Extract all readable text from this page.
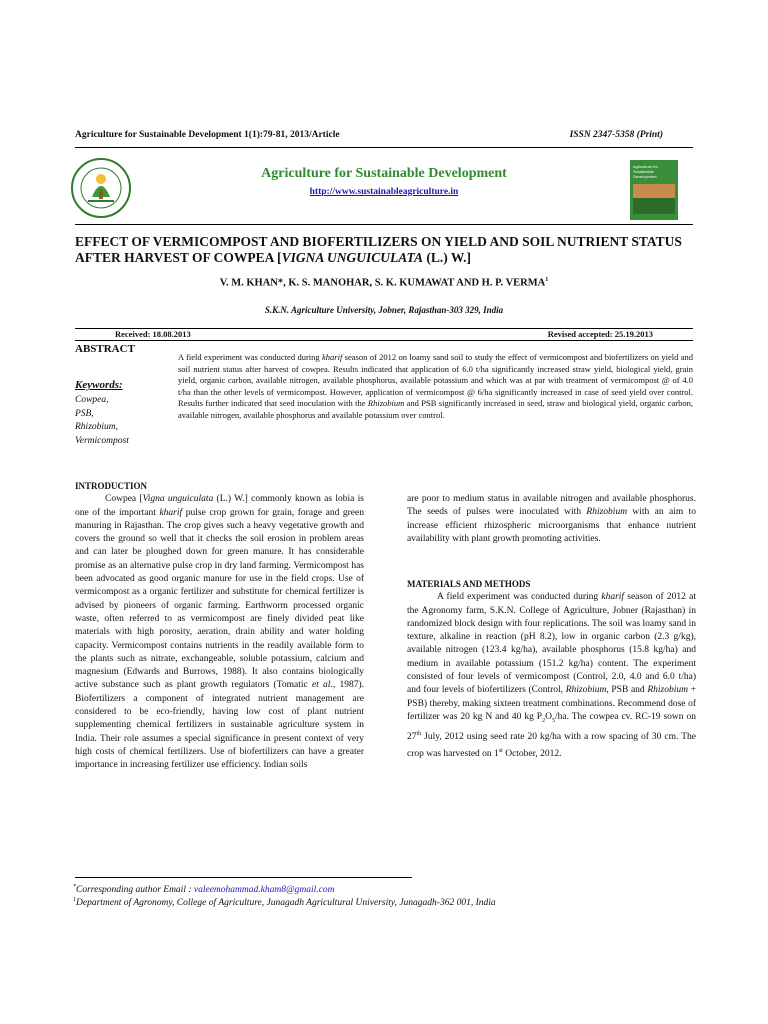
Agriculture for Sustainable Development 1(1):79-81, 2013/Article	ISSN 2347-5358 (Print)
Agriculture for Sustainable Development
http://www.sustainableagriculture.in
Agriculture for Sustainable Development
EFFECT OF VERMICOMPOST AND BIOFERTILIZERS ON YIELD AND SOIL NUTRIENT STATUS AFTER HARVEST OF COWPEA [VIGNA UNGUICULATA (L.) W.]
V. M. KHAN*, K. S. MANOHAR, S. K. KUMAWAT AND H. P. VERMA$^1$
S.K.N. Agriculture University, Jobner, Rajasthan-303 329, India
Received: 18.08.2013	Revised accepted: 25.19.2013
ABSTRACT
Keywords:
Cowpea,
PSB,
Rhizobium,
Vermicompost
A field experiment was conducted during kharif season of 2012 on loamy sand soil to study the effect of vermicompost and biofertilizers on yield and soil nutrient status after harvest of cowpea. Results indicated that application of 6.0 t/ha significantly increased straw yield, biological yield, grain yield, organic carbon, available nitrogen, available phosphorus, available potassium and which was at par with treatment of vermicompost @ of 4.0 t/ha than the other levels of vermicompost. However, application of vermicompost @ 6/ha significantly increased in case of seed yield over control. Results further indicated that seed inoculation with the Rhizobium and PSB significantly increased in seed, straw and biological yield, organic carbon, available nitrogen, available phosphorus and available potassium over control.
INTRODUCTION

Cowpea [Vigna unguiculata (L.) W.] commonly known as lobia is one of the important kharif pulse crop grown for grain, forage and green manuring in Rajasthan. The crop gives such a heavy vegetative growth and covers the ground so well that it checks the soil erosion in problem areas and can later be ploughed down for green manure. It has considerable promise as an alternative pulse crop in dry land farming. Vermicompost has been advocated as good organic manure for use in the field crops. Use of vermicompost as a organic fertilizer and substitute for chemical fertilizer is advised by pioneers of organic farming. Earthworm processed organic waste, often referred to as vermicompost are finely divided peat like materials with high porosity, aeration, drain ability and water holding capacity. Vermicompost contains nutrients in the readily available form to the plants such as nitrate, exchangeable, soluble potassium, calcium and magnesium (Edwards and Burrows, 1988). It also contains biologically active substance such as plant growth regulators (Tomatic et al., 1987). Biofertilizers a component of integrated nutrient management are considered to be eco-friendly, having low cost of plant nutrient supplementing chemical fertilizers in sustainable agriculture system in India. Their role assumes a special significance in present context of very high costs of chemical fertilizers. Use of biofertilizers can have a greater importance in increasing fertilizer use efficiency. Indian soils

are poor to medium status in available nitrogen and available phosphorus. The seeds of pulses were inoculated with Rhizobium with an aim to increase efficient rhizospheric microorganisms that enhance nutrient availability with plant growth promoting activities.
MATERIALS AND METHODS

A field experiment was conducted during kharif season of 2012 at the Agronomy farm, S.K.N. College of Agriculture, Jobner (Rajasthan) in randomized block design with four replications. The soil was loamy sand in texture, alkaline in reaction (pH 8.2), low in organic carbon (2.3 g/kg), available nitrogen (123.4 kg/ha), available phosphorus (15.8 kg/ha) and medium in available potassium (151.2 kg/ha) content. The experiment consisted of four levels of vermicompost (Control, 2.0, 4.0 and 6.0 t/ha) and four levels of biofertilizers (Control, Rhizobium, PSB and Rhizobium + PSB) thereby, making sixteen treatment combinations. Recommend dose of fertilizer was 20 kg N and 40 kg $P_2O_5/ha$. The cowpea cv. RC-19 sown on 27th July, 2012 using seed rate 20 kg/ha with a row spacing of 30 cm. The crop was harvested on 1st October, 2012.

*Corresponding author Email : valeemohammad.kham8@gmail.com
$^1$Department of Agronomy, College of Agriculture, Junagadh Agricultural University, Junagadh-362 001, India
